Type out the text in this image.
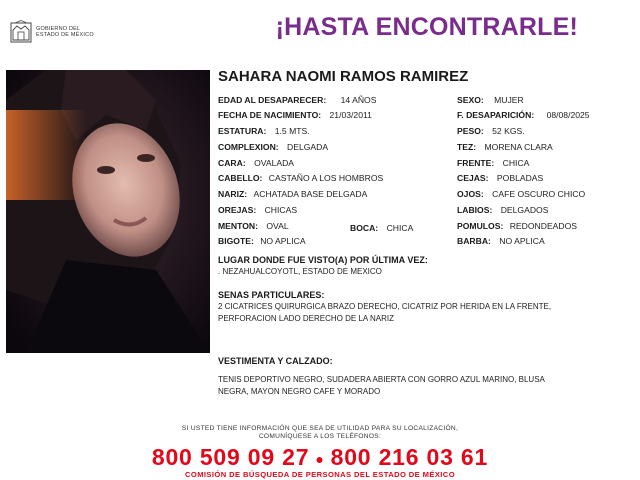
GOBIERNO DEL
ESTADO DE MÉXICO	¡HASTA ENCONTRARLE!
SAHARA NAOMI RAMOS RAMIREZ
EDAD AL DESAPARECER: 14 AÑOS
FECHA DE NACIMIENTO: 21/03/2011
ESTATURA: 1.5 MTS.
COMPLEXION: DELGADA
CARA: OVALADA
CABELLO: CASTAÑO A LOS HOMBROS
NARIZ: ACHATADA BASE DELGADA
OREJAS: CHICAS
MENTON: OVAL	BOCA: CHICA
BIGOTE: NO APLICA
SEXO: MUJER
F. DESAPARICIÓN: 08/08/2025
PESO: 52 KGS.
TEZ: MORENA CLARA
FRENTE: CHICA
CEJAS: POBLADAS
OJOS: CAFE OSCURO CHICO
LABIOS: DELGADOS
POMULOS: REDONDEADOS
BARBA: NO APLICA
LUGAR DONDE FUE VISTO(A) POR ÚLTIMA VEZ:
. NEZAHUALCOYOTL, ESTADO DE MEXICO
SENAS PARTICULARES:
2 CICATRICES QUIRURGICA BRAZO DERECHO, CICATRIZ POR HERIDA EN LA FRENTE,
PERFORACION LADO DERECHO DE LA NARIZ
VESTIMENTA Y CALZADO:
TENIS DEPORTIVO NEGRO, SUDADERA ABIERTA CON GORRO AZUL MARINO, BLUSA
NEGRA, MAYON NEGRO CAFE Y MORADO
SI USTED TIENE INFORMACIÓN QUE SEA DE UTILIDAD PARA SU LOCALIZACIÓN,
COMUNÍQUESE A LOS TELÉFONOS:
800 509 09 27 ● 800 216 03 61
COMISIÓN DE BÚSQUEDA DE PERSONAS DEL ESTADO DE MÉXICO
